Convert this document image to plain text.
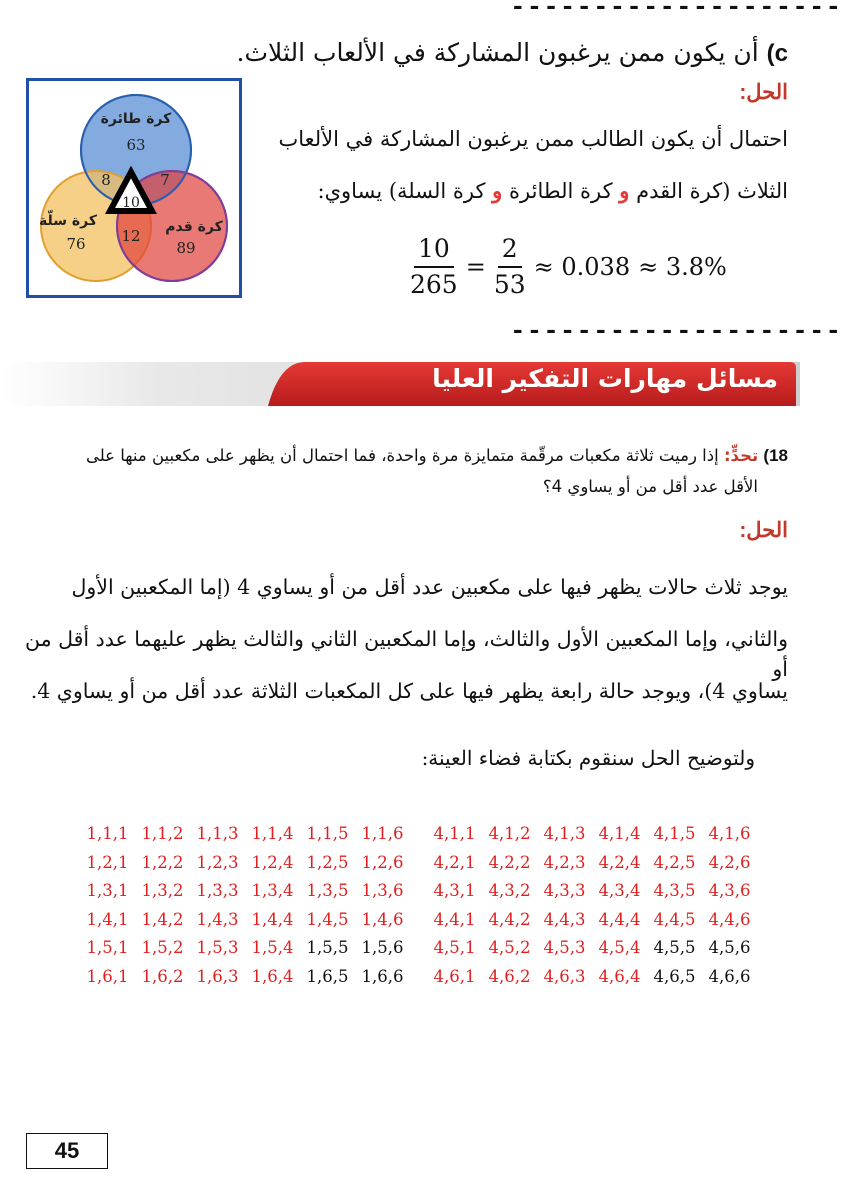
--------------------
c) أن يكون ممن يرغبون المشاركة في الألعاب الثلاث.
الحل:
احتمال أن يكون الطالب ممن يرغبون المشاركة في الألعاب
الثلاث (كرة القدم و كرة الطائرة و كرة السلة) يساوي:
$\frac{10}{265} = \frac{2}{53} \approx 0.038 \approx 3.8\%$
كرة طائرة
63
8	7
10
كرة سلّة
76 12 كرة قدم
89
--------------------
مسائل مهارات التفكير العليا
18) تحدٍّ: إذا رميت ثلاثة مكعبات مرقّمة متمايزة مرة واحدة، فما احتمال أن يظهر على مكعبين منها على
الأقل عدد أقل من أو يساوي 4؟
الحل:
يوجد ثلاث حالات يظهر فيها على مكعبين عدد أقل من أو يساوي 4 (إما المكعبين الأول
والثاني، وإما المكعبين الأول والثالث، وإما المكعبين الثاني والثالث يظهر عليهما عدد أقل من أو
يساوي 4)، ويوجد حالة رابعة يظهر فيها على كل المكعبات الثلاثة عدد أقل من أو يساوي 4.
ولتوضيح الحل سنقوم بكتابة فضاء العينة:
1,1,1 1,1,2 1,1,3 1,1,4 1,1,5 1,1,6
1,2,1 1,2,2 1,2,3 1,2,4 1,2,5 1,2,6
1,3,1 1,3,2 1,3,3 1,3,4 1,3,5 1,3,6
1,4,1 1,4,2 1,4,3 1,4,4 1,4,5 1,4,6
1,5,1 1,5,2 1,5,3 1,5,4 1,5,5 1,5,6
1,6,1 1,6,2 1,6,3 1,6,4 1,6,5 1,6,6
4,1,1 4,1,2 4,1,3 4,1,4 4,1,5 4,1,6
4,2,1 4,2,2 4,2,3 4,2,4 4,2,5 4,2,6
4,3,1 4,3,2 4,3,3 4,3,4 4,3,5 4,3,6
4,4,1 4,4,2 4,4,3 4,4,4 4,4,5 4,4,6
4,5,1 4,5,2 4,5,3 4,5,4 4,5,5 4,5,6
4,6,1 4,6,2 4,6,3 4,6,4 4,6,5 4,6,6
45
